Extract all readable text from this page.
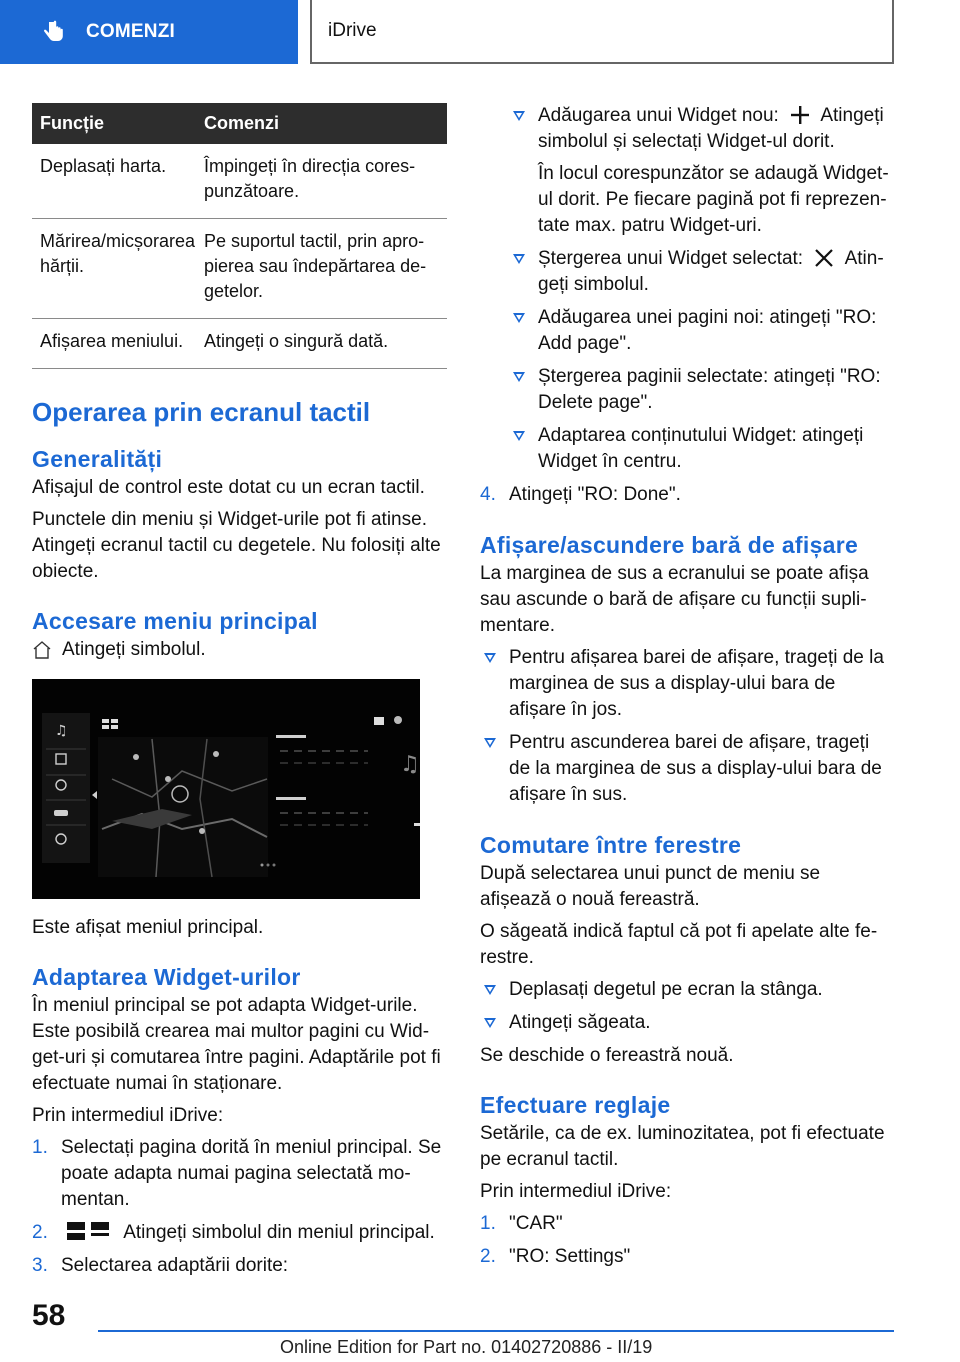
COMENZI	iDrive
Funcție	Comenzi
Deplasați harta.	Împingeți în direcția corespunzătoare.
Mărirea/micșorarea hărții.	Pe suportul tactil, prin apropierea sau îndepărtarea degetelor.
Afișarea meniului.	Atingeți o singură dată.
Operarea prin ecranul tactil
Generalități

Afișajul de control este dotat cu un ecran tactil.

Punctele din meniu și Widget-urile pot fi atinse. Atingeți ecranul tactil cu degetele. Nu folosiți alte obiecte.

Accesare meniu principal
Atingeți simbolul.
♫
♫

Este afișat meniul principal.

Adaptarea Widget-urilor

În meniul principal se pot adapta Widget-urile. Este posibilă crearea mai multor pagini cu Widget-uri și comutarea între pagini. Adaptările pot fi efectuate numai în staționare.

Prin intermediul iDrive:

1. Selectați pagina dorită în meniul principal. Se poate adapta numai pagina selectată momentan.
2.	Atingeți simbolul din meniul principal.
3. Selectarea adaptării dorite:
Adăugarea unui Widget nou: Atingeți simbolul și selectați Widget-ul dorit.
În locul corespunzător se adaugă Widget-ul dorit. Pe fiecare pagină pot fi reprezentate max. patru Widget-uri.
Ștergerea unui Widget selectat: Atingeți simbolul.
Adăugarea unei pagini noi: atingeți "RO: Add page".
Ștergerea paginii selectate: atingeți "RO: Delete page".
Adaptarea conținutului Widget: atingeți Widget în centru.
4. Atingeți "RO: Done".
Afișare/ascundere bară de afișare

La marginea de sus a ecranului se poate afișa sau ascunde o bară de afișare cu funcții suplimentare.

Pentru afișarea barei de afișare, trageți de la marginea de sus a display-ului bara de afișare în jos.
Pentru ascunderea barei de afișare, trageți de la marginea de sus a display-ului bara de afișare în sus.
Comutare între ferestre

După selectarea unui punct de meniu se afișează o nouă fereastră.

O săgeată indică faptul că pot fi apelate alte ferestre.

Deplasați degetul pe ecran la stânga.
Atingeți săgeata.

Se deschide o fereastră nouă.

Efectuare reglaje

Setările, ca de ex. luminozitatea, pot fi efectuate pe ecranul tactil.

Prin intermediul iDrive:

1. "CAR"
2. "RO: Settings"
58
Online Edition for Part no. 01402720886 - II/19
